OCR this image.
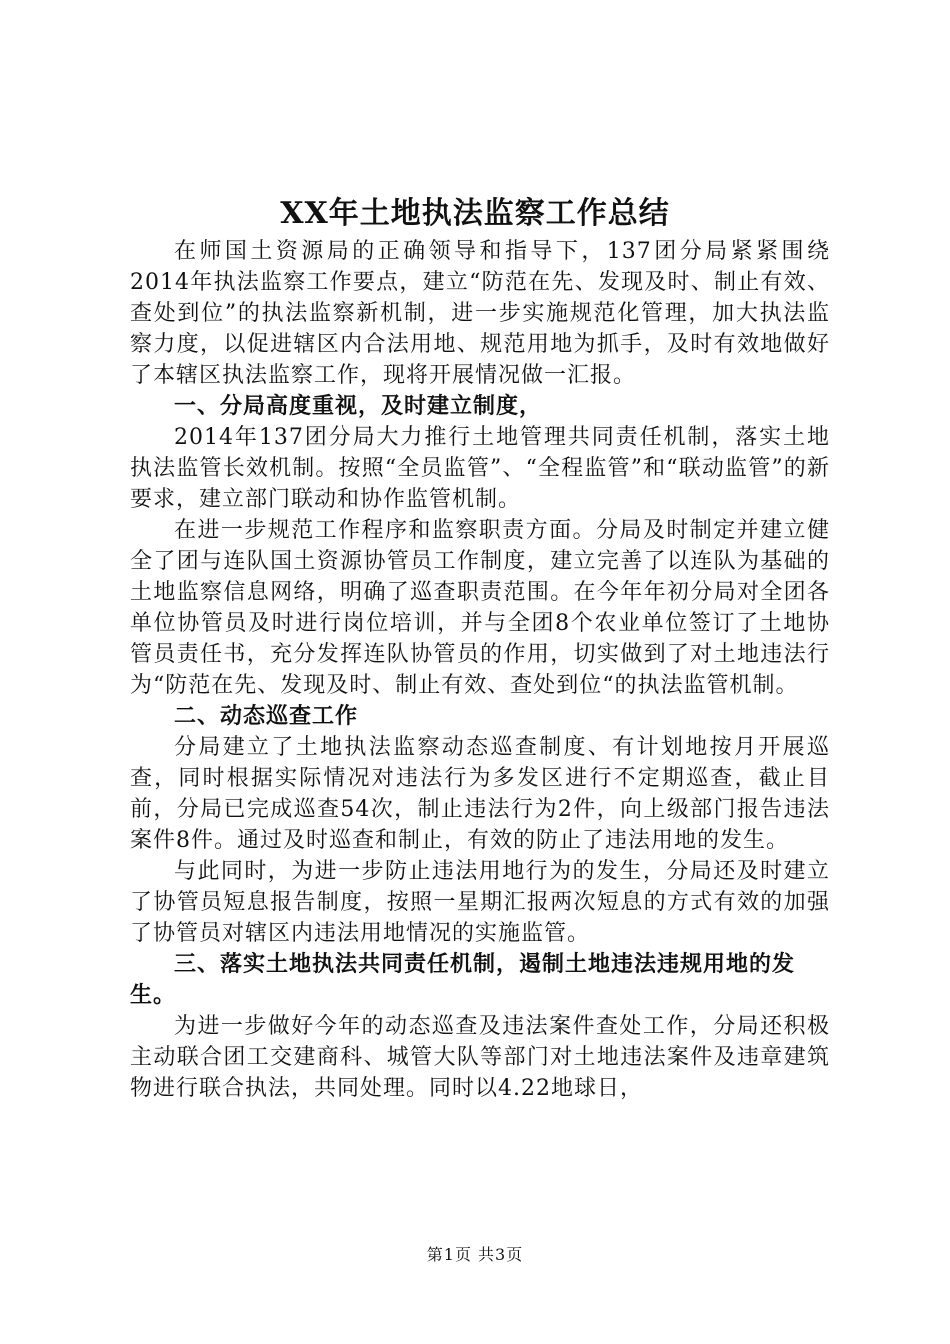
XX年土地执法监察工作总结

在师国土资源局的正确领导和指导下，137团分局紧紧围绕2014年执法监察工作要点，建立“防范在先、发现及时、制止有效、查处到位”的执法监察新机制，进一步实施规范化管理，加大执法监察力度，以促进辖区内合法用地、规范用地为抓手，及时有效地做好了本辖区执法监察工作，现将开展情况做一汇报。

一、分局高度重视，及时建立制度，

2014年137团分局大力推行土地管理共同责任机制，落实土地执法监管长效机制。按照“全员监管”、“全程监管”和“联动监管”的新要求，建立部门联动和协作监管机制。

在进一步规范工作程序和监察职责方面。分局及时制定并建立健全了团与连队国土资源协管员工作制度，建立完善了以连队为基础的土地监察信息网络，明确了巡查职责范围。在今年年初分局对全团各单位协管员及时进行岗位培训，并与全团8个农业单位签订了土地协管员责任书，充分发挥连队协管员的作用，切实做到了对土地违法行为“防范在先、发现及时、制止有效、查处到位“的执法监管机制。

二、动态巡查工作

分局建立了土地执法监察动态巡查制度、有计划地按月开展巡查，同时根据实际情况对违法行为多发区进行不定期巡查，截止目前，分局已完成巡查54次，制止违法行为2件，向上级部门报告违法案件8件。通过及时巡查和制止，有效的防止了违法用地的发生。

与此同时，为进一步防止违法用地行为的发生，分局还及时建立了协管员短息报告制度，按照一星期汇报两次短息的方式有效的加强了协管员对辖区内违法用地情况的实施监管。

三、落实土地执法共同责任机制，遏制土地违法违规用地的发生。

为进一步做好今年的动态巡查及违法案件查处工作，分局还积极主动联合团工交建商科、城管大队等部门对土地违法案件及违章建筑物进行联合执法，共同处理。同时以4.22地球日，

第1页 共3页
